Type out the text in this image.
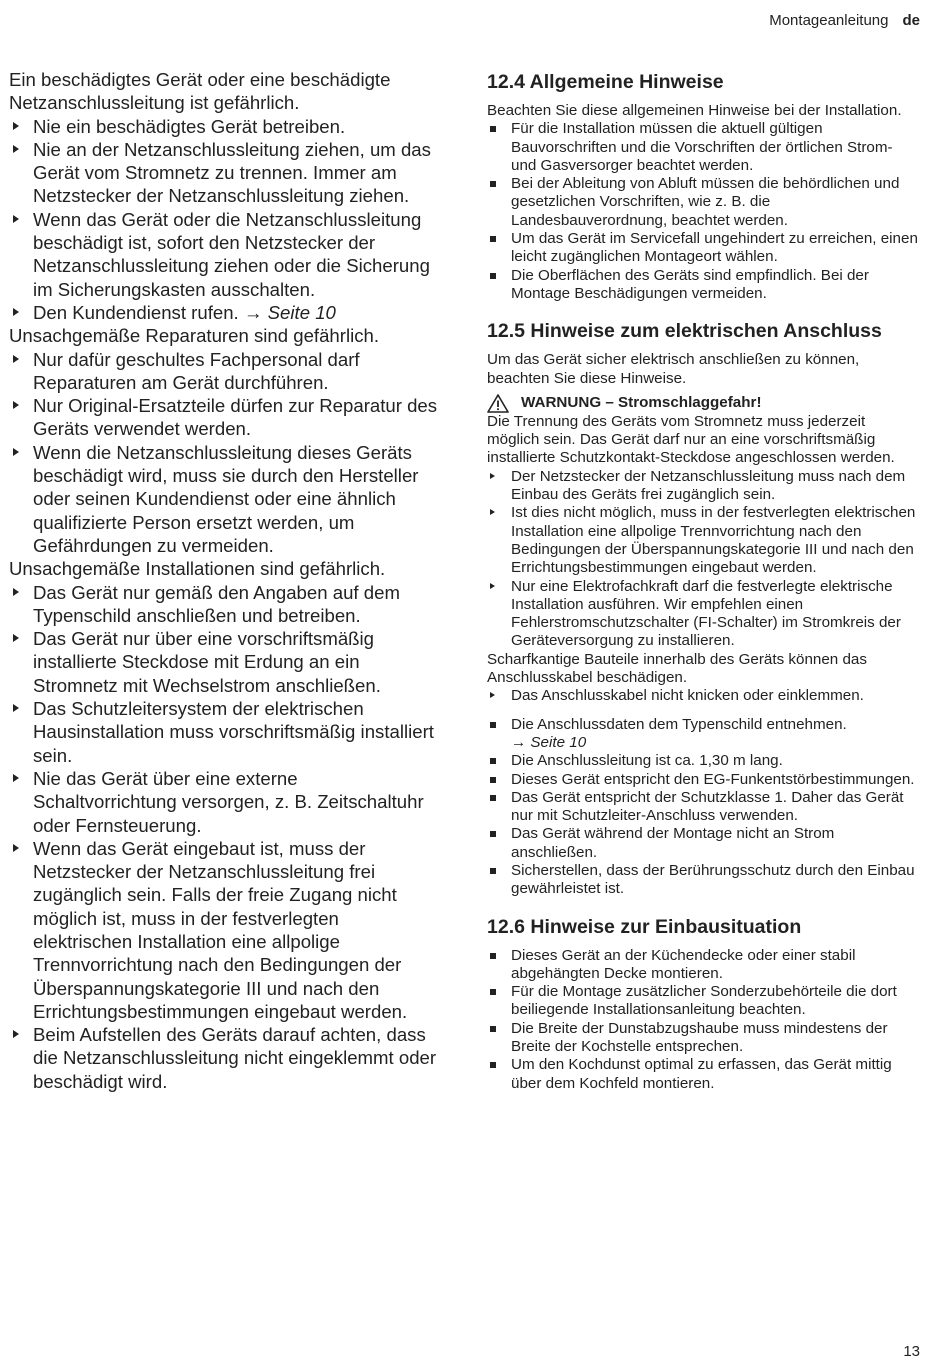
Montageanleitung de

Ein beschädigtes Gerät oder eine beschädigte Netzanschlussleitung ist gefährlich.

Nie ein beschädigtes Gerät betreiben.
Nie an der Netzanschlussleitung ziehen, um das Gerät vom Stromnetz zu trennen. Immer am Netzstecker der Netzanschlussleitung ziehen.
Wenn das Gerät oder die Netzanschlussleitung beschädigt ist, sofort den Netzstecker der Netzanschlussleitung ziehen oder die Sicherung im Sicherungskasten ausschalten.
Den Kundendienst rufen. → Seite 10

Unsachgemäße Reparaturen sind gefährlich.

Nur dafür geschultes Fachpersonal darf Reparaturen am Gerät durchführen.
Nur Original-Ersatzteile dürfen zur Reparatur des Geräts verwendet werden.
Wenn die Netzanschlussleitung dieses Geräts beschädigt wird, muss sie durch den Hersteller oder seinen Kundendienst oder eine ähnlich qualifizierte Person ersetzt werden, um Gefährdungen zu vermeiden.

Unsachgemäße Installationen sind gefährlich.

Das Gerät nur gemäß den Angaben auf dem Typenschild anschließen und betreiben.
Das Gerät nur über eine vorschriftsmäßig installierte Steckdose mit Erdung an ein Stromnetz mit Wechselstrom anschließen.
Das Schutzleitersystem der elektrischen Hausinstallation muss vorschriftsmäßig installiert sein.
Nie das Gerät über eine externe Schaltvorrichtung versorgen, z. B. Zeitschaltuhr oder Fernsteuerung.
Wenn das Gerät eingebaut ist, muss der Netzstecker der Netzanschlussleitung frei zugänglich sein. Falls der freie Zugang nicht möglich ist, muss in der festverlegten elektrischen Installation eine allpolige Trennvorrichtung nach den Bedingungen der Überspannungskategorie III und nach den Errichtungsbestimmungen eingebaut werden.
Beim Aufstellen des Geräts darauf achten, dass die Netzanschlussleitung nicht eingeklemmt oder beschädigt wird.
12.4 Allgemeine Hinweise

Beachten Sie diese allgemeinen Hinweise bei der Installation.

Für die Installation müssen die aktuell gültigen Bauvorschriften und die Vorschriften der örtlichen Strom- und Gasversorger beachtet werden.
Bei der Ableitung von Abluft müssen die behördlichen und gesetzlichen Vorschriften, wie z. B. die Landesbauverordnung, beachtet werden.
Um das Gerät im Servicefall ungehindert zu erreichen, einen leicht zugänglichen Montageort wählen.
Die Oberflächen des Geräts sind empfindlich. Bei der Montage Beschädigungen vermeiden.
12.5 Hinweise zum elektrischen Anschluss

Um das Gerät sicher elektrisch anschließen zu können, beachten Sie diese Hinweise.

WARNUNG – Stromschlaggefahr!

Die Trennung des Geräts vom Stromnetz muss jederzeit möglich sein. Das Gerät darf nur an eine vorschriftsmäßig installierte Schutzkontakt-Steckdose angeschlossen werden.

Der Netzstecker der Netzanschlussleitung muss nach dem Einbau des Geräts frei zugänglich sein.
Ist dies nicht möglich, muss in der festverlegten elektrischen Installation eine allpolige Trennvorrichtung nach den Bedingungen der Überspannungskategorie III und nach den Errichtungsbestimmungen eingebaut werden.
Nur eine Elektrofachkraft darf die festverlegte elektrische Installation ausführen. Wir empfehlen einen Fehlerstromschutzschalter (FI-Schalter) im Stromkreis der Geräteversorgung zu installieren.

Scharfkantige Bauteile innerhalb des Geräts können das Anschlusskabel beschädigen.

Das Anschlusskabel nicht knicken oder einklemmen.
Die Anschlussdaten dem Typenschild entnehmen.
→ Seite 10
Die Anschlussleitung ist ca. 1,30 m lang.
Dieses Gerät entspricht den EG-Funkentstörbestimmungen.
Das Gerät entspricht der Schutzklasse 1. Daher das Gerät nur mit Schutzleiter-Anschluss verwenden.
Das Gerät während der Montage nicht an Strom anschließen.
Sicherstellen, dass der Berührungsschutz durch den Einbau gewährleistet ist.
12.6 Hinweise zur Einbausituation
Dieses Gerät an der Küchendecke oder einer stabil abgehängten Decke montieren.
Für die Montage zusätzlicher Sonderzubehörteile die dort beiliegende Installationsanleitung beachten.
Die Breite der Dunstabzugshaube muss mindestens der Breite der Kochstelle entsprechen.
Um den Kochdunst optimal zu erfassen, das Gerät mittig über dem Kochfeld montieren.
13
